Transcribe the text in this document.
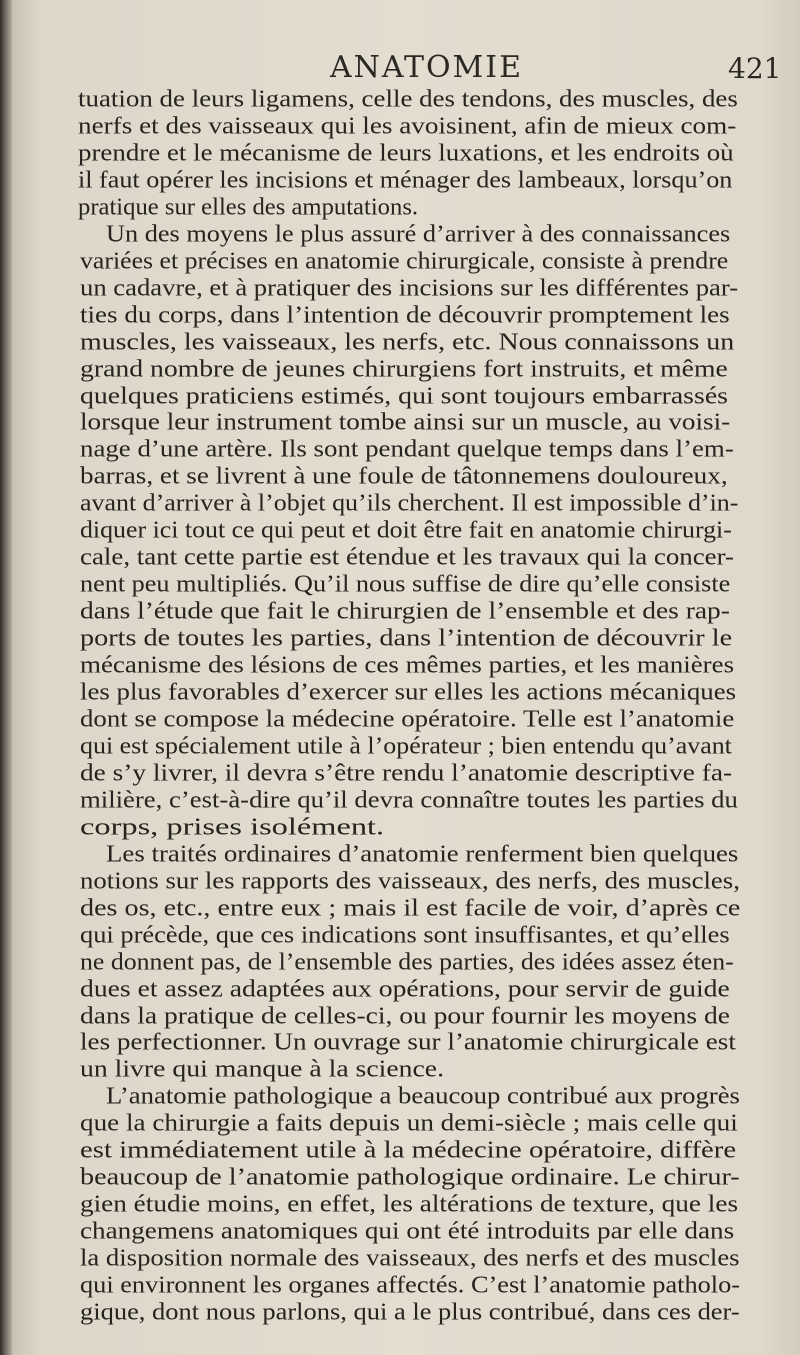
ANATOMIE	421
tuation de leurs ligamens, celle des tendons, des muscles, des
nerfs et des vaisseaux qui les avoisinent, afin de mieux com-
prendre et le mécanisme de leurs luxations, et les endroits où
il faut opérer les incisions et ménager des lambeaux, lorsqu’on
pratique sur elles des amputations.
Un des moyens le plus assuré d’arriver à des connaissances
variées et précises en anatomie chirurgicale, consiste à prendre
un cadavre, et à pratiquer des incisions sur les différentes par-
ties du corps, dans l’intention de découvrir promptement les
muscles, les vaisseaux, les nerfs, etc. Nous connaissons un
grand nombre de jeunes chirurgiens fort instruits, et même
quelques praticiens estimés, qui sont toujours embarrassés
lorsque leur instrument tombe ainsi sur un muscle, au voisi-
nage d’une artère. Ils sont pendant quelque temps dans l’em-
barras, et se livrent à une foule de tâtonnemens douloureux,
avant d’arriver à l’objet qu’ils cherchent. Il est impossible d’in-
diquer ici tout ce qui peut et doit être fait en anatomie chirurgi-
cale, tant cette partie est étendue et les travaux qui la concer-
nent peu multipliés. Qu’il nous suffise de dire qu’elle consiste
dans l’étude que fait le chirurgien de l’ensemble et des rap-
ports de toutes les parties, dans l’intention de découvrir le
mécanisme des lésions de ces mêmes parties, et les manières
les plus favorables d’exercer sur elles les actions mécaniques
dont se compose la médecine opératoire. Telle est l’anatomie
qui est spécialement utile à l’opérateur ; bien entendu qu’avant
de s’y livrer, il devra s’être rendu l’anatomie descriptive fa-
milière, c’est-à-dire qu’il devra connaître toutes les parties du
corps, prises isolément.
Les traités ordinaires d’anatomie renferment bien quelques
notions sur les rapports des vaisseaux, des nerfs, des muscles,
des os, etc., entre eux ; mais il est facile de voir, d’après ce
qui précède, que ces indications sont insuffisantes, et qu’elles
ne donnent pas, de l’ensemble des parties, des idées assez éten-
dues et assez adaptées aux opérations, pour servir de guide
dans la pratique de celles-ci, ou pour fournir les moyens de
les perfectionner. Un ouvrage sur l’anatomie chirurgicale est
un livre qui manque à la science.
L’anatomie pathologique a beaucoup contribué aux progrès
que la chirurgie a faits depuis un demi-siècle ; mais celle qui
est immédiatement utile à la médecine opératoire, diffère
beaucoup de l’anatomie pathologique ordinaire. Le chirur-
gien étudie moins, en effet, les altérations de texture, que les
changemens anatomiques qui ont été introduits par elle dans
la disposition normale des vaisseaux, des nerfs et des muscles
qui environnent les organes affectés. C’est l’anatomie patholo-
gique, dont nous parlons, qui a le plus contribué, dans ces der-
